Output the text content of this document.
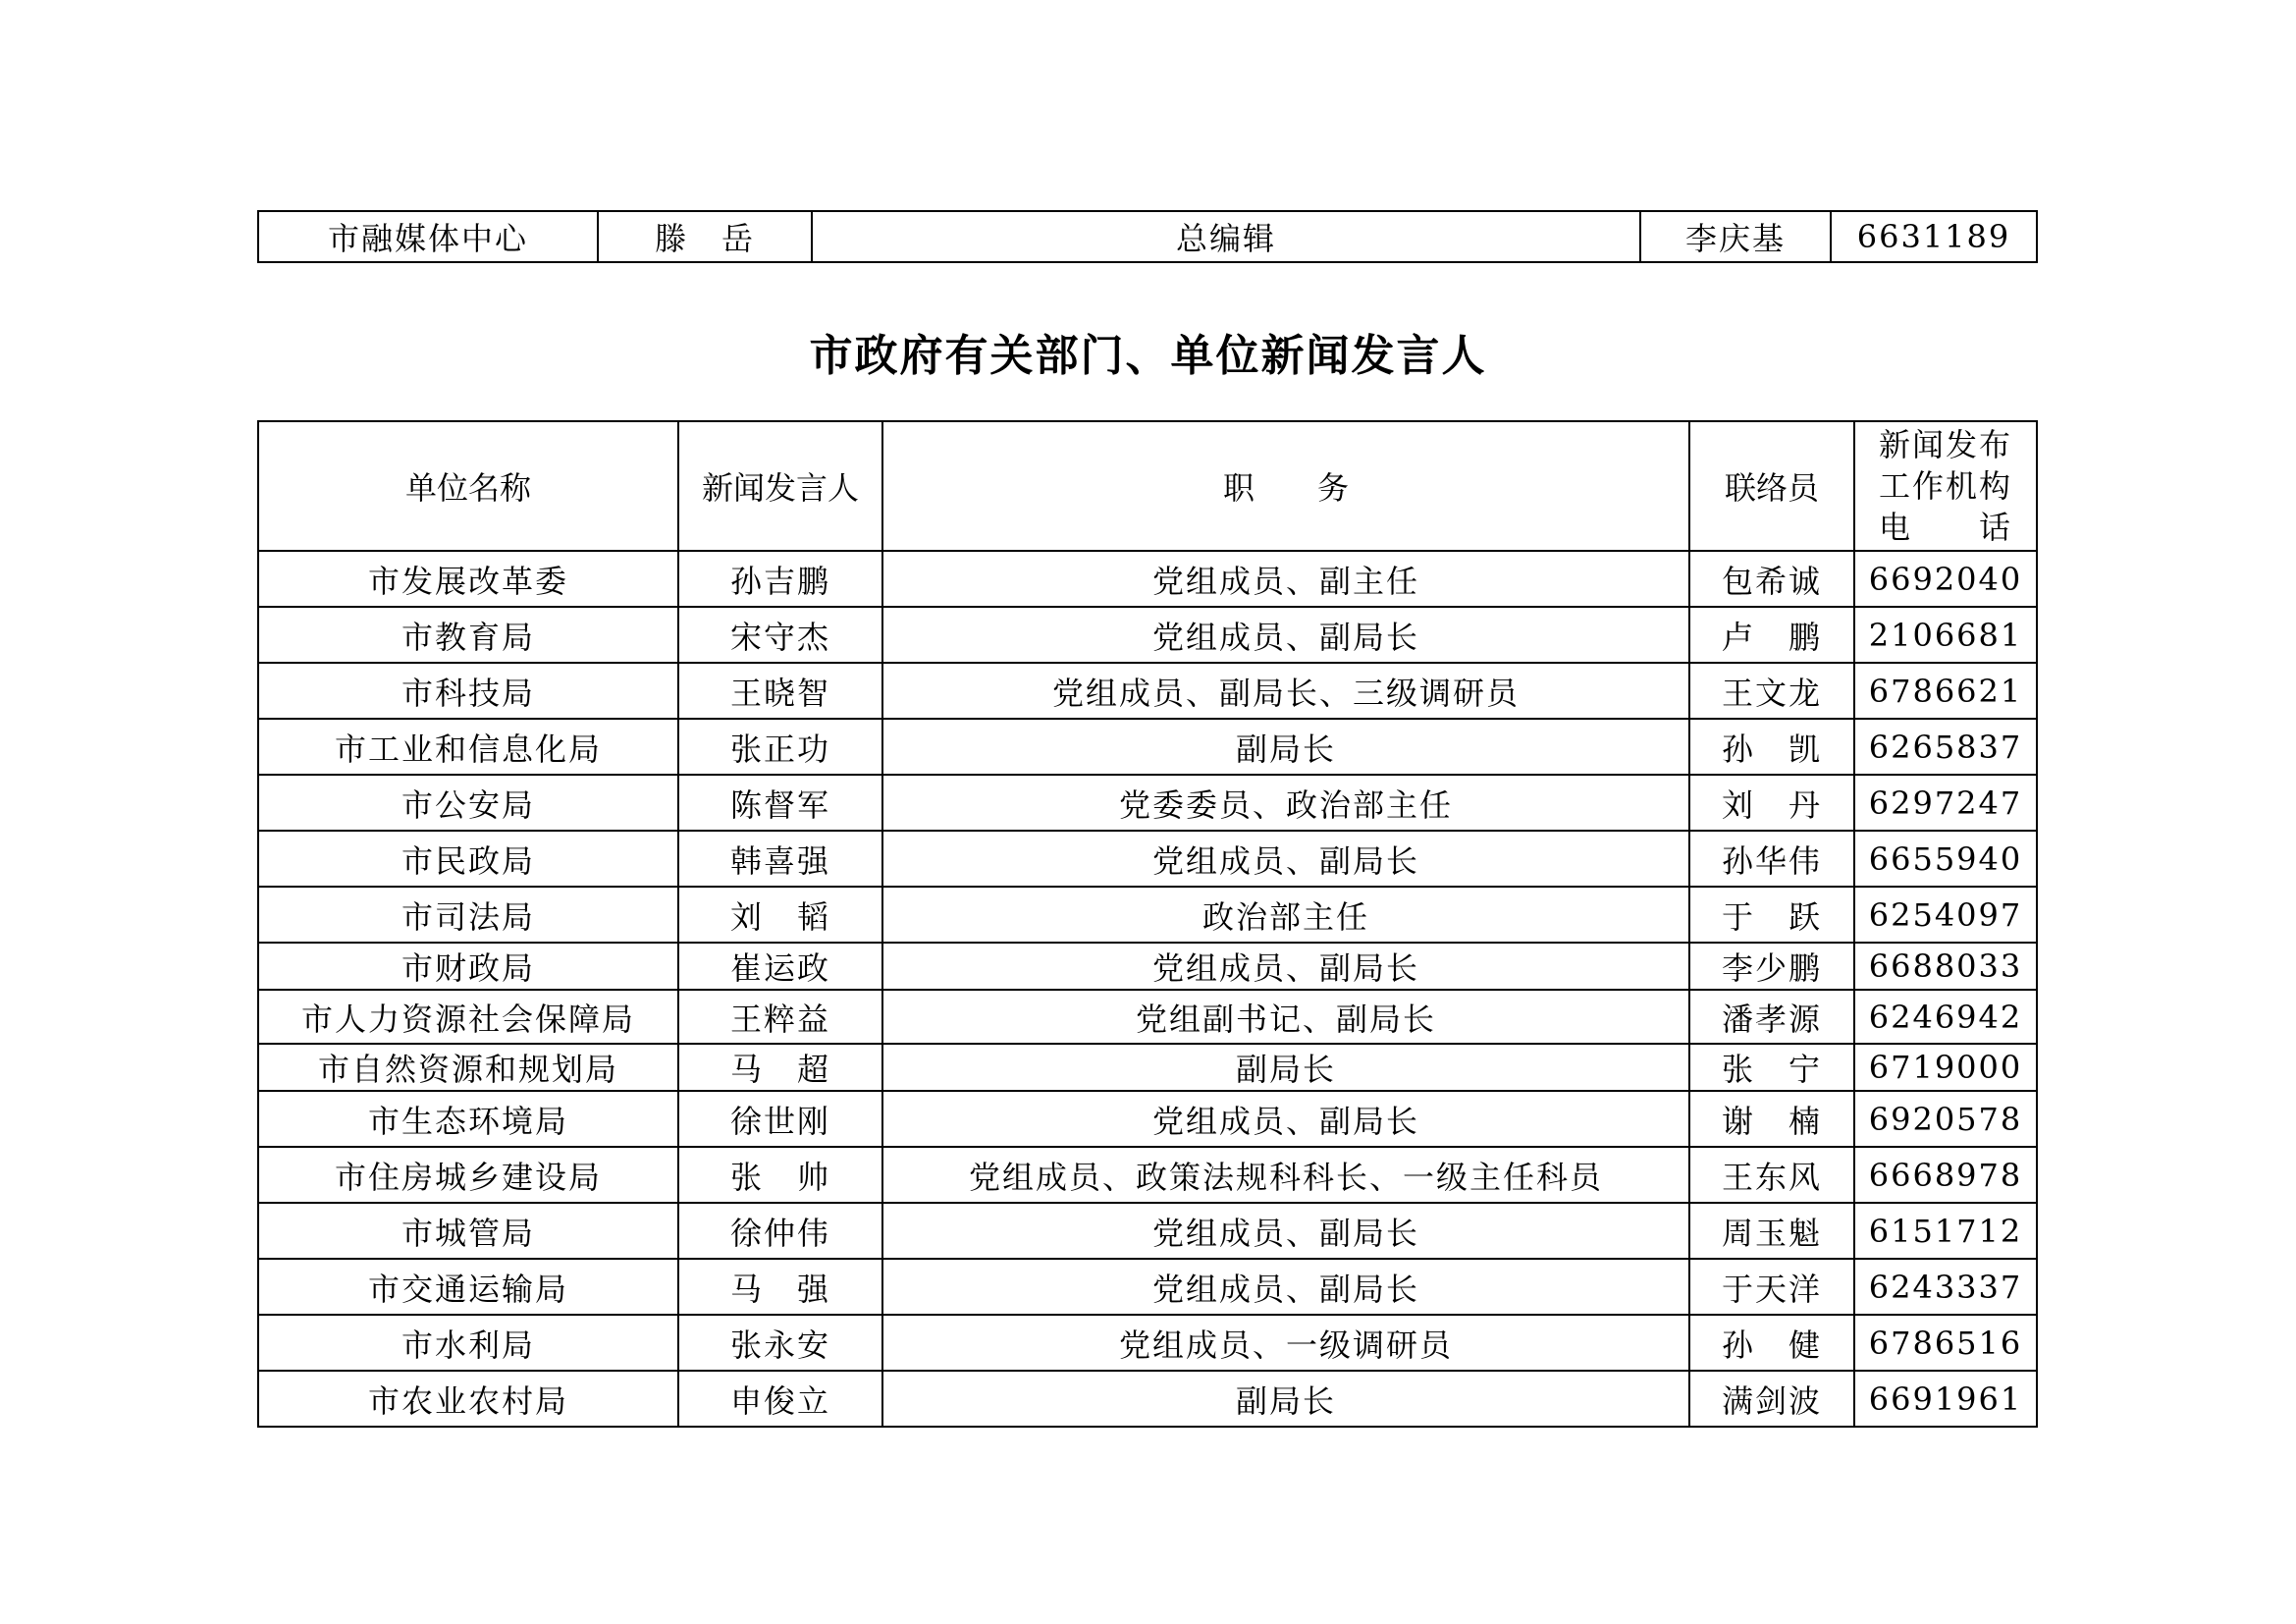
市融媒体中心	滕　岳	总编辑	李庆基	6631189
市政府有关部门、单位新闻发言人
单位名称	新闻发言人	职　　务	联络员	新闻发布
工作机构
电　　话

市发展改革委	孙吉鹏	党组成员、副主任	包希诚	6692040
市教育局	宋守杰	党组成员、副局长	卢　鹏	2106681
市科技局	王晓智	党组成员、副局长、三级调研员	王文龙	6786621
市工业和信息化局	张正功	副局长	孙　凯	6265837
市公安局	陈督军	党委委员、政治部主任	刘　丹	6297247
市民政局	韩喜强	党组成员、副局长	孙华伟	6655940
市司法局	刘　韬	政治部主任	于　跃	6254097
市财政局	崔运政	党组成员、副局长	李少鹏	6688033
市人力资源社会保障局	王粹益	党组副书记、副局长	潘孝源	6246942
市自然资源和规划局	马　超	副局长	张　宁	6719000
市生态环境局	徐世刚	党组成员、副局长	谢　楠	6920578
市住房城乡建设局	张　帅	党组成员、政策法规科科长、一级主任科员	王东风	6668978
市城管局	徐仲伟	党组成员、副局长	周玉魁	6151712
市交通运输局	马　强	党组成员、副局长	于天洋	6243337
市水利局	张永安	党组成员、一级调研员	孙　健	6786516
市农业农村局	申俊立	副局长	满剑波	6691961
